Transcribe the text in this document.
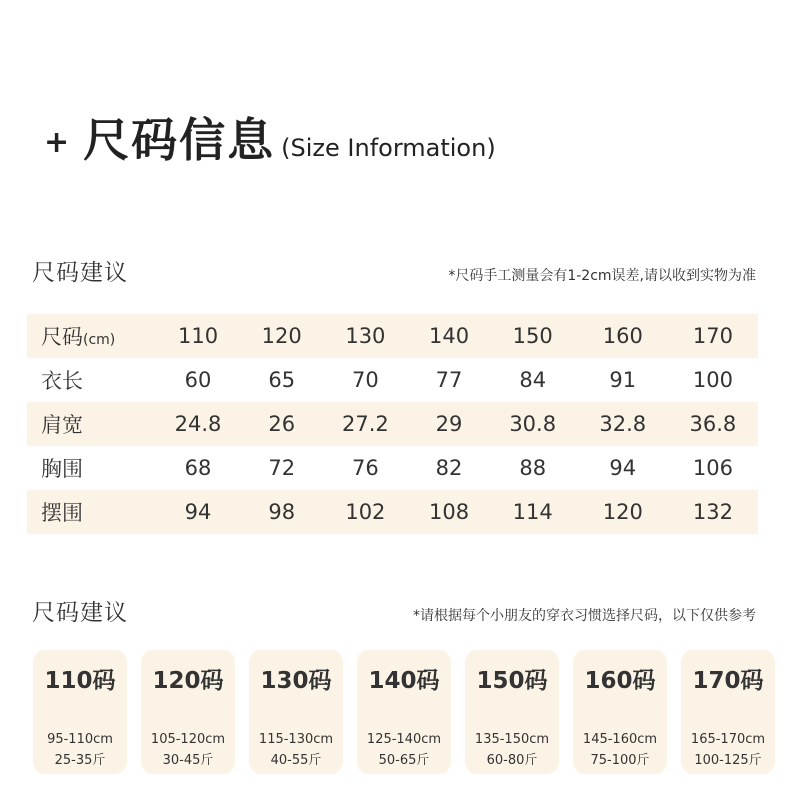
+ 尺码信息 (Size Information)
尺码建议	*尺码手工测量会有1-2cm误差,请以收到实物为准
尺码(cm)	110	120	130	140	150	160	170
衣长	60	65	70	77	84	91	100
肩宽	24.8	26	27.2	29	30.8	32.8	36.8
胸围	68	72	76	82	88	94	106
摆围	94	98	102	108	114	120	132
尺码建议	*请根据每个小朋友的穿衣习惯选择尺码，以下仅供参考
110码
95-110cm
25-35斤
120码
105-120cm
30-45斤
130码
115-130cm
40-55斤
140码
125-140cm
50-65斤
150码
135-150cm
60-80斤
160码
145-160cm
75-100斤
170码
165-170cm
100-125斤
